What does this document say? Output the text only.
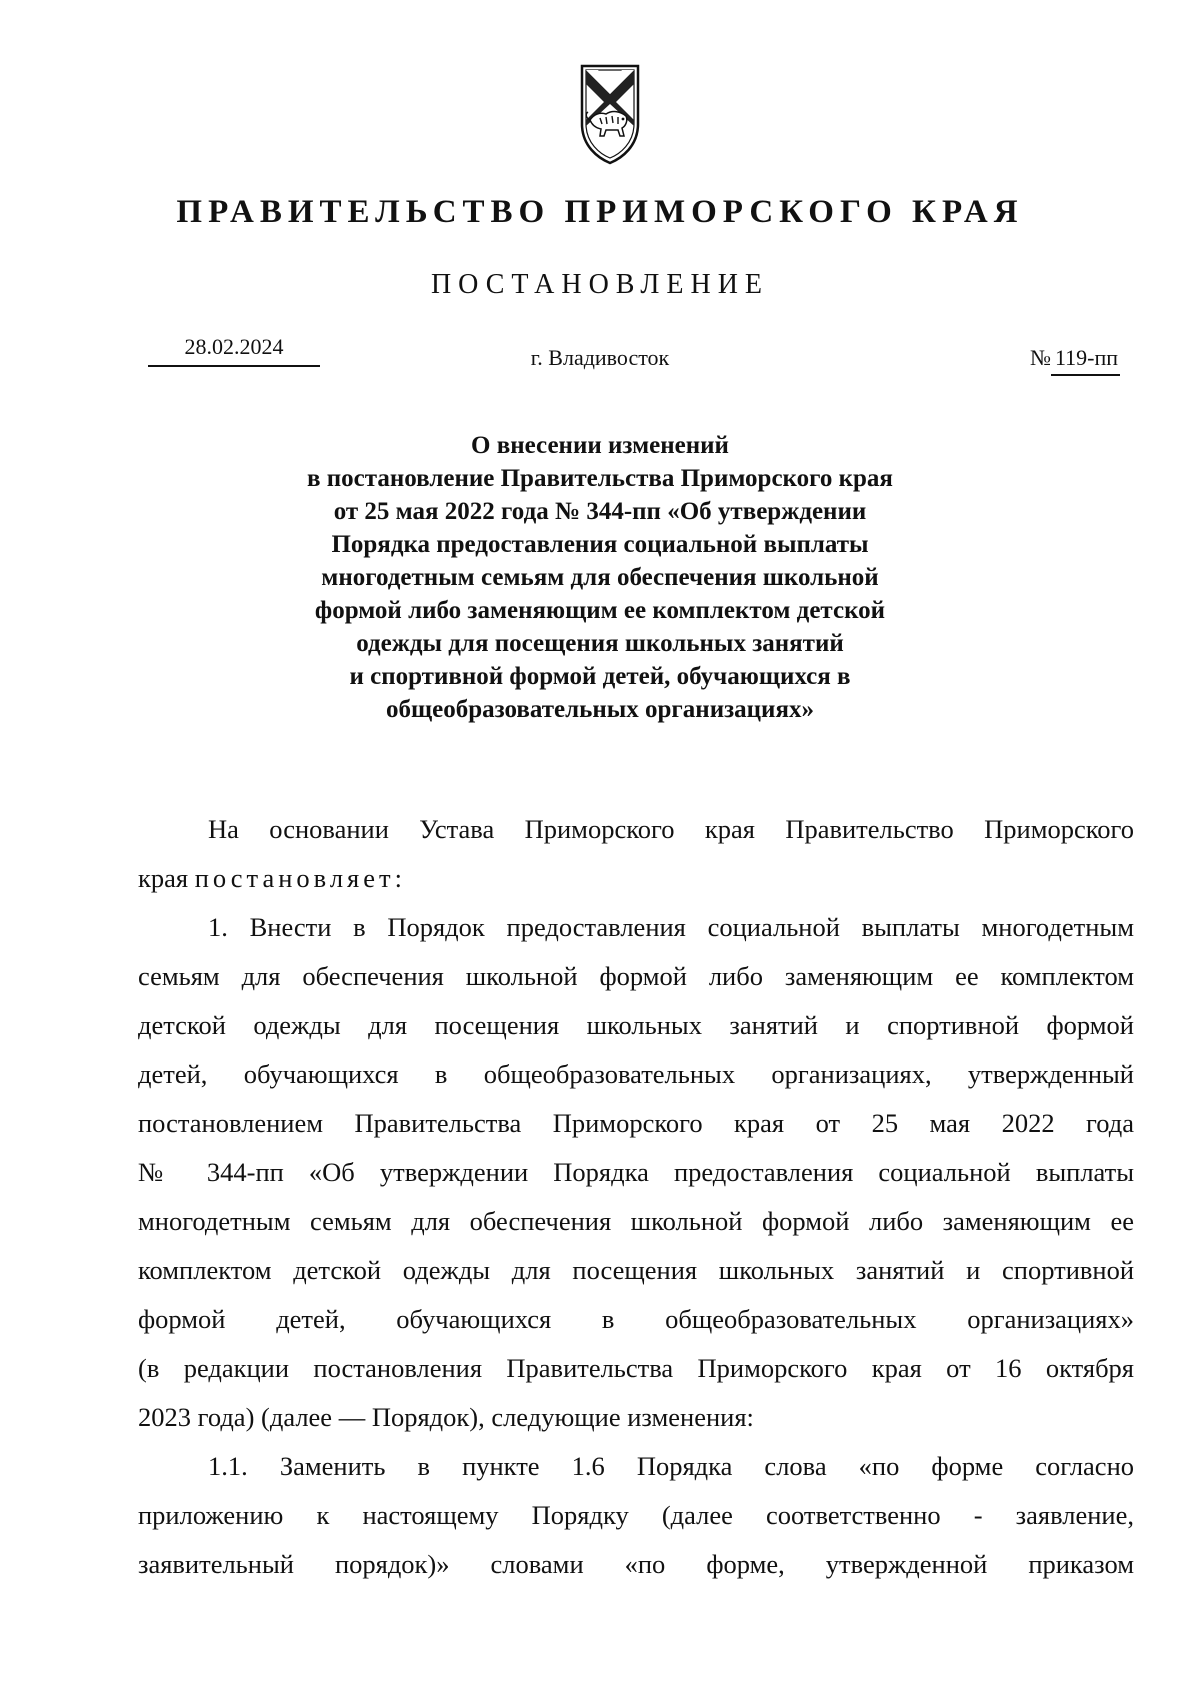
ПРАВИТЕЛЬСТВО ПРИМОРСКОГО КРАЯ
ПОСТАНОВЛЕНИЕ
28.02.2024	г. Владивосток	№ 119-пп
О внесении изменений
в постановление Правительства Приморского края
от 25 мая 2022 года № 344-пп «Об утверждении
Порядка предоставления социальной выплаты
многодетным семьям для обеспечения школьной
формой либо заменяющим ее комплектом детской
одежды для посещения школьных занятий
и спортивной формой детей, обучающихся в
общеобразовательных организациях»
На основании Устава Приморского края Правительство Приморского
края постановляет:
1. Внести в Порядок предоставления социальной выплаты многодетным
семьям для обеспечения школьной формой либо заменяющим ее комплектом
детской одежды для посещения школьных занятий и спортивной формой
детей, обучающихся в общеобразовательных организациях, утвержденный
постановлением Правительства Приморского края от 25 мая 2022 года
№ 344-пп «Об утверждении Порядка предоставления социальной выплаты
многодетным семьям для обеспечения школьной формой либо заменяющим ее
комплектом детской одежды для посещения школьных занятий и спортивной
формой детей, обучающихся в общеобразовательных организациях»
(в редакции постановления Правительства Приморского края от 16 октября
2023 года) (далее — Порядок), следующие изменения:
1.1. Заменить в пункте 1.6 Порядка слова «по форме согласно
приложению к настоящему Порядку (далее соответственно - заявление,
заявительный порядок)» словами «по форме, утвержденной приказом
